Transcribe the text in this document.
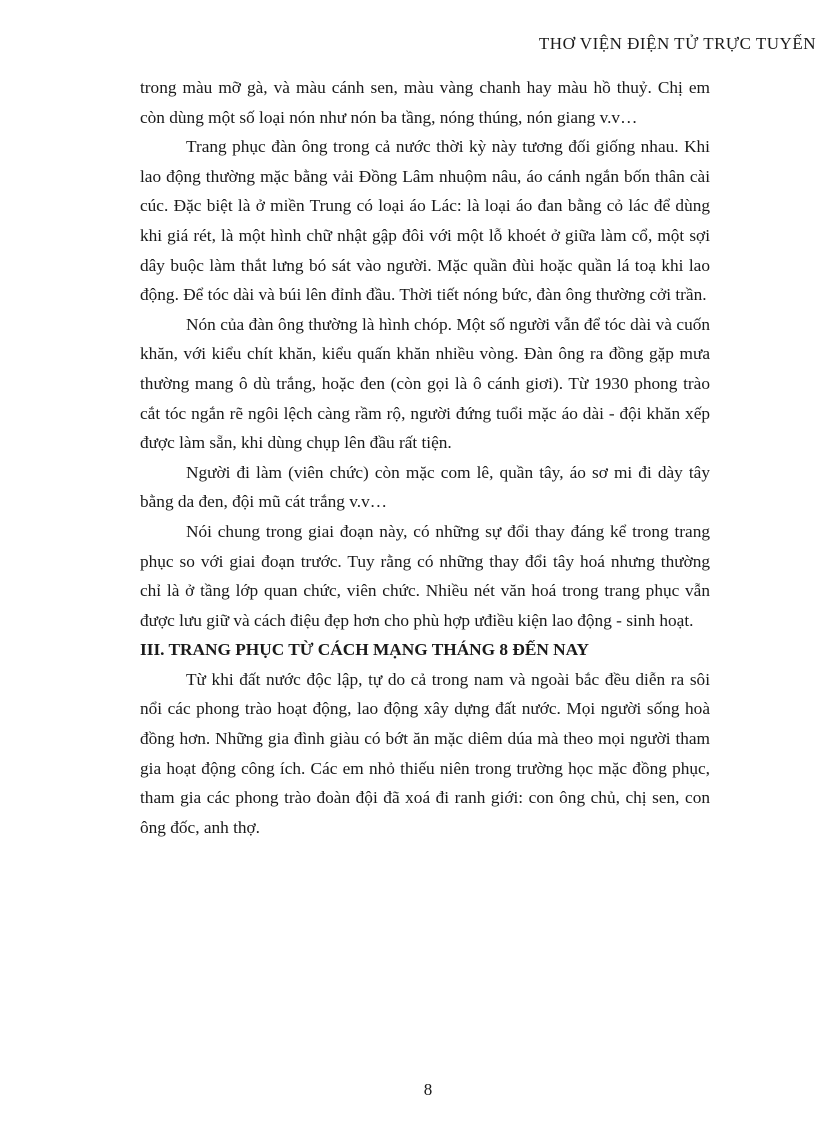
THƠ VIỆN ĐIỆN TỬ TRỰC TUYẾN

trong màu mỡ gà, và màu cánh sen, màu vàng chanh hay màu hồ thuỷ. Chị em còn dùng một số loại nón như nón ba tầng, nóng thúng, nón giang v.v…

Trang phục đàn ông trong cả nước thời kỳ này tương đối giống nhau. Khi lao động thường mặc bằng vải Đồng Lâm nhuộm nâu, áo cánh ngắn bốn thân cài cúc. Đặc biệt là ở miền Trung có loại áo Lác: là loại áo đan bằng cỏ lác để dùng khi giá rét, là một hình chữ nhật gập đôi với một lỗ khoét ở giữa làm cổ, một sợi dây buộc làm thắt lưng bó sát vào người. Mặc quần đùi hoặc quần lá toạ khi lao động. Để tóc dài và búi lên đỉnh đầu. Thời tiết nóng bức, đàn ông thường cởi trần.

Nón của đàn ông thường là hình chóp. Một số người vẫn để tóc dài và cuốn khăn, với kiểu chít khăn, kiểu quấn khăn nhiều vòng. Đàn ông ra đồng gặp mưa thường mang ô dù trắng, hoặc đen (còn gọi là ô cánh giơi). Từ 1930 phong trào cắt tóc ngắn rẽ ngôi lệch càng rầm rộ, người đứng tuổi mặc áo dài - đội khăn xếp được làm sẵn, khi dùng chụp lên đầu rất tiện.

Người đi làm (viên chức) còn mặc com lê, quần tây, áo sơ mi đi dày tây bằng da đen, đội mũ cát trắng v.v…

Nói chung trong giai đoạn này, có những sự đổi thay đáng kể trong trang phục so với giai đoạn trước. Tuy rằng có những thay đổi tây hoá nhưng thường chỉ là ở tầng lớp quan chức, viên chức. Nhiều nét văn hoá trong trang phục vẫn được lưu giữ và cách điệu đẹp hơn cho phù hợp ưđiều kiện lao động - sinh hoạt.

III. TRANG PHỤC TỪ CÁCH MẠNG THÁNG 8 ĐẾN NAY

Từ khi đất nước độc lập, tự do cả trong nam và ngoài bắc đều diễn ra sôi nổi các phong trào hoạt động, lao động xây dựng đất nước. Mọi người sống hoà đồng hơn. Những gia đình giàu có bớt ăn mặc diêm dúa mà theo mọi người tham gia hoạt động công ích. Các em nhỏ thiếu niên trong trường học mặc đồng phục, tham gia các phong trào đoàn đội đã xoá đi ranh giới: con ông chủ, chị sen, con ông đốc, anh thợ.

8
